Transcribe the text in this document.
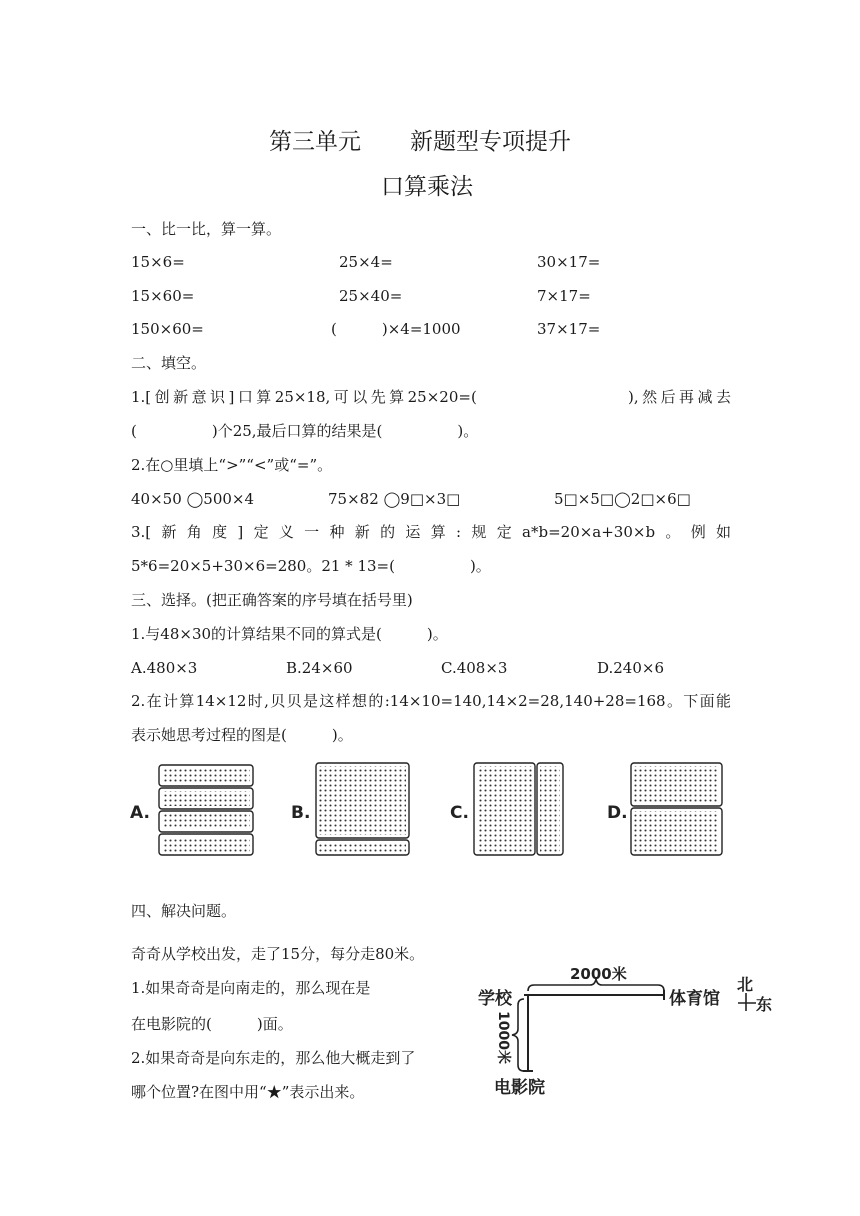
第三单元 新题型专项提升
口算乘法
一、比一比，算一算。
15×6=	25×4=	30×17=
15×60=	25×40=	7×17=
150×60=	(　　　)×4=1000	37×17=
二、填空。
1.[创新意识]口算25×18,可以先算25×20=(　　　　　　　　),然后再减去
(　　　　　)个25,最后口算的结果是(　　　　　)。
2.在○里填上“>”“<”或“=”。
40×50 ◯500×4	75×82 ◯9□×3□	5□×5□◯2□×6□
3.[新角度]定义一种新的运算:规定a*b=20×a+30×b。例如
5*6=20×5+30×6=280。21 * 13=(　　　　　)。
三、选择。(把正确答案的序号填在括号里)
1.与48×30的计算结果不同的算式是(　　　)。
A.480×3	B.24×60	C.408×3	D.240×6
2.在计算14×12时,贝贝是这样想的:14×10=140,14×2=28,140+28=168。下面能
表示她思考过程的图是(　　　)。
A.	B.	C.	D.
四、解决问题。
奇奇从学校出发，走了15分，每分走80米。
1.如果奇奇是向南走的，那么现在是
在电影院的(　　　)面。
2.如果奇奇是向东走的，那么他大概走到了
哪个位置?在图中用“★”表示出来。
2000米
学校	体育馆
电影院
1000米
北
东
